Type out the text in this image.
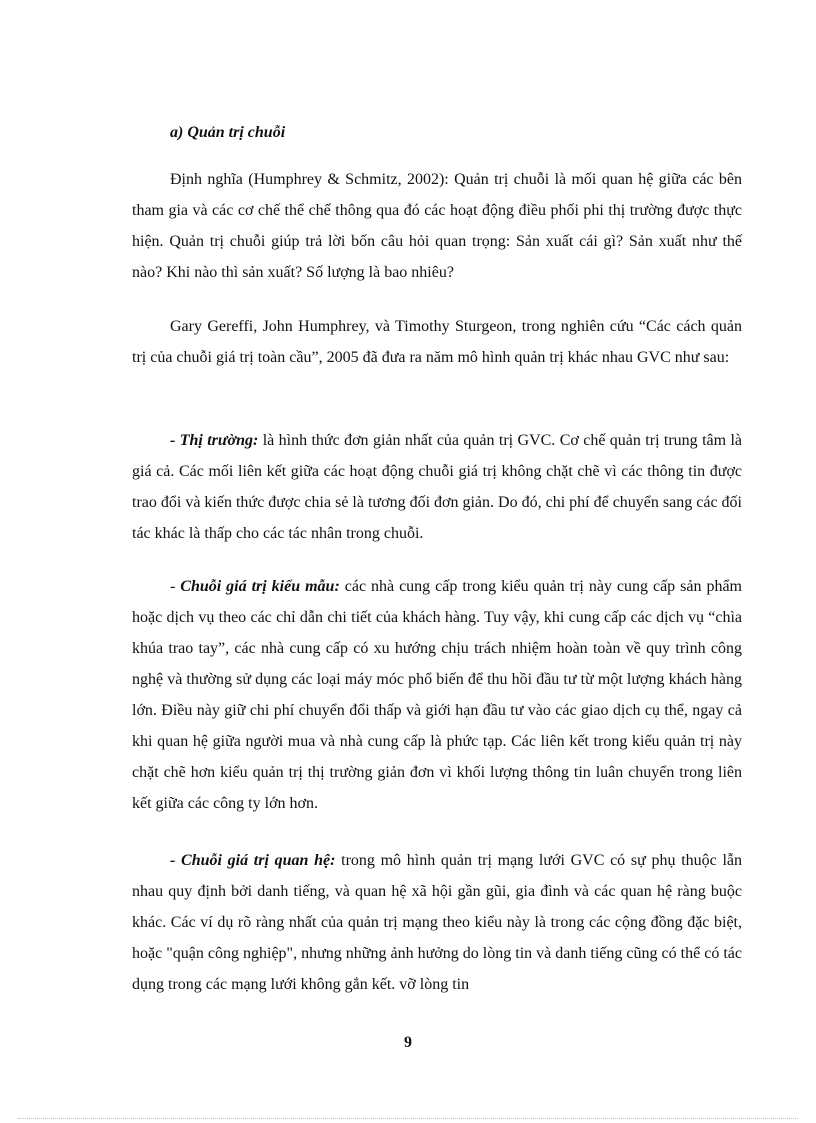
a) Quản trị chuỗi

Định nghĩa (Humphrey & Schmitz, 2002): Quản trị chuỗi là mối quan hệ giữa các bên tham gia và các cơ chế thể chế thông qua đó các hoạt động điều phối phi thị trường được thực hiện. Quản trị chuỗi giúp trả lời bốn câu hỏi quan trọng: Sản xuất cái gì? Sản xuất như thế nào? Khi nào thì sản xuất? Số lượng là bao nhiêu?

Gary Gereffi, John Humphrey, và Timothy Sturgeon, trong nghiên cứu “Các cách quản trị của chuỗi giá trị toàn cầu”, 2005 đã đưa ra năm mô hình quản trị khác nhau GVC như sau:

- Thị trường: là hình thức đơn giản nhất của quản trị GVC. Cơ chế quản trị trung tâm là giá cả. Các mối liên kết giữa các hoạt động chuỗi giá trị không chặt chẽ vì các thông tin được trao đổi và kiến thức được chia sẻ là tương đối đơn giản. Do đó, chi phí để chuyển sang các đối tác khác là thấp cho các tác nhân trong chuỗi.

- Chuỗi giá trị kiểu mẫu: các nhà cung cấp trong kiểu quản trị này cung cấp sản phẩm hoặc dịch vụ theo các chỉ dẫn chi tiết của khách hàng. Tuy vậy, khi cung cấp các dịch vụ “chìa khúa trao tay”, các nhà cung cấp có xu hướng chịu trách nhiệm hoàn toàn về quy trình công nghệ và thường sử dụng các loại máy móc phổ biến để thu hồi đầu tư từ một lượng khách hàng lớn. Điều này giữ chi phí chuyển đổi thấp và giới hạn đầu tư vào các giao dịch cụ thể, ngay cả khi quan hệ giữa người mua và nhà cung cấp là phức tạp. Các liên kết trong kiểu quản trị này chặt chẽ hơn kiểu quản trị thị trường giản đơn vì khối lượng thông tin luân chuyển trong liên kết giữa các công ty lớn hơn.

- Chuỗi giá trị quan hệ: trong mô hình quản trị mạng lưới GVC có sự phụ thuộc lẫn nhau quy định bởi danh tiếng, và quan hệ xã hội gần gũi, gia đình và các quan hệ ràng buộc khác. Các ví dụ rõ ràng nhất của quản trị mạng theo kiểu này là trong các cộng đồng đặc biệt, hoặc "quận công nghiệp", nhưng những ảnh hưởng do lòng tin và danh tiếng cũng có thể có tác dụng trong các mạng lưới không gắn kết. vỡ lòng tin

9
